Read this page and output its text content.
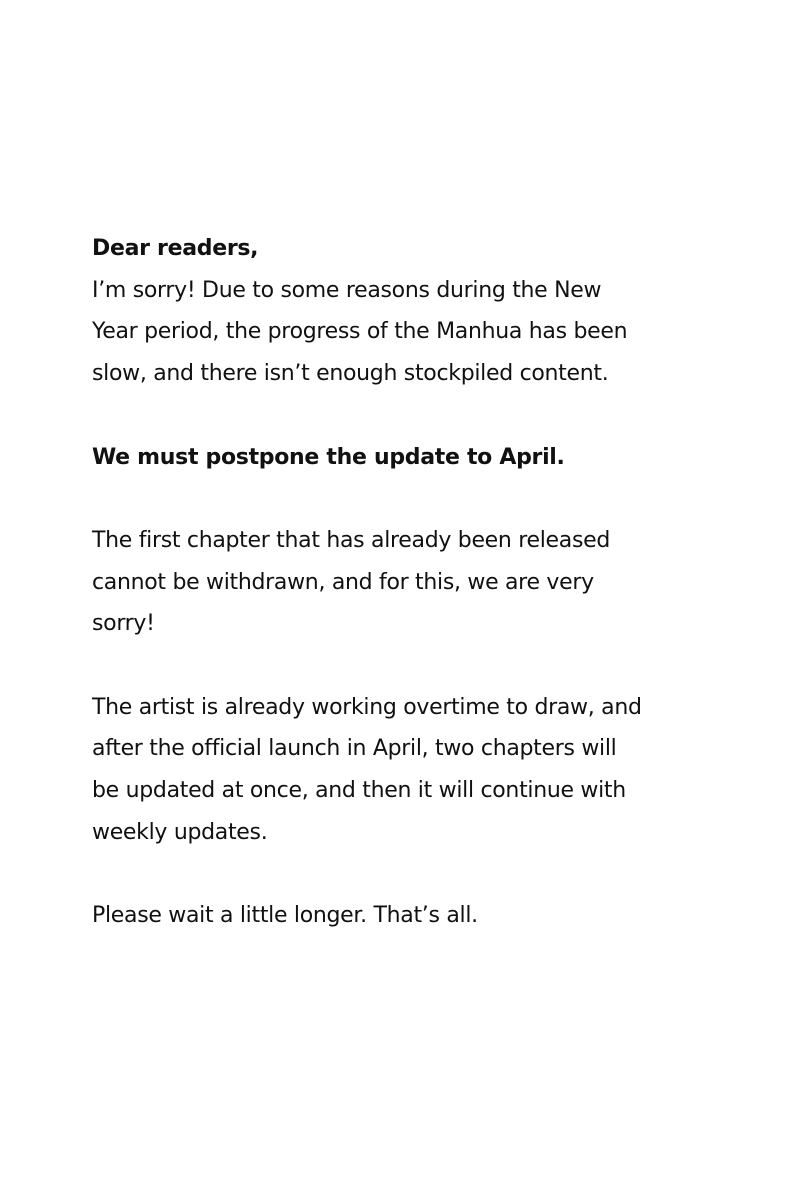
Dear readers,

I’m sorry! Due to some reasons during the New
Year period, the progress of the Manhua has been
slow, and there isn’t enough stockpiled content.

We must postpone the update to April.

The first chapter that has already been released
cannot be withdrawn, and for this, we are very
sorry!

The artist is already working overtime to draw, and
after the official launch in April, two chapters will
be updated at once, and then it will continue with
weekly updates.

Please wait a little longer. That’s all.
